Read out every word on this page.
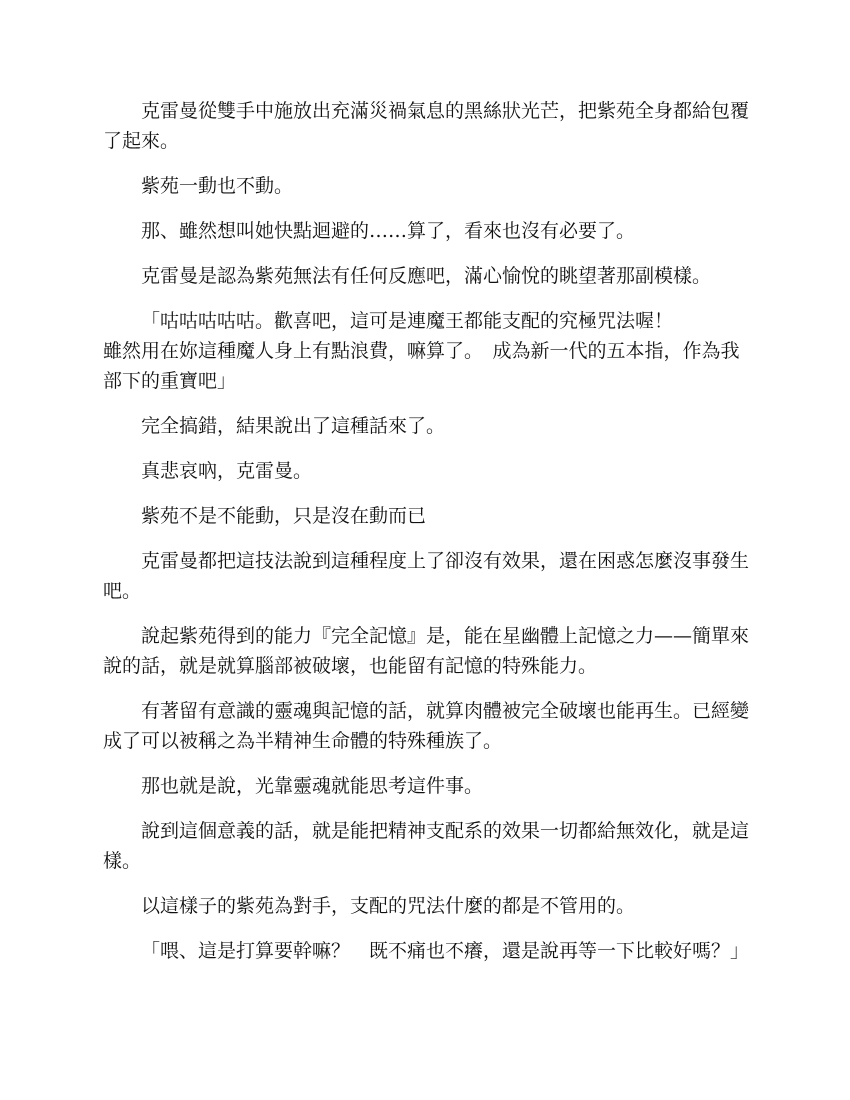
克雷曼從雙手中施放出充滿災禍氣息的黑絲狀光芒，把紫苑全身都給包覆了起來。

紫苑一動也不動。

那、雖然想叫她快點迴避的……算了，看來也沒有必要了。

克雷曼是認為紫苑無法有任何反應吧，滿心愉悅的眺望著那副模樣。

「咕咕咕咕咕。歡喜吧，這可是連魔王都能支配的究極咒法喔！
雖然用在妳這種魔人身上有點浪費，嘛算了。　成為新一代的五本指，作為我部下的重寶吧」

完全搞錯，結果說出了這種話來了。

真悲哀吶，克雷曼。

紫苑不是不能動，只是沒在動而已

克雷曼都把這技法說到這種程度上了卻沒有效果，還在困惑怎麼沒事發生吧。

說起紫苑得到的能力『完全記憶』是，能在星幽體上記憶之力——簡單來說的話，就是就算腦部被破壞，也能留有記憶的特殊能力。

有著留有意識的靈魂與記憶的話，就算肉體被完全破壞也能再生。已經變成了可以被稱之為半精神生命體的特殊種族了。

那也就是說，光靠靈魂就能思考這件事。

說到這個意義的話，就是能把精神支配系的效果一切都給無效化，就是這樣。

以這樣子的紫苑為對手，支配的咒法什麼的都是不管用的。

「喂、這是打算要幹嘛？　既不痛也不癢，還是說再等一下比較好嗎？」
